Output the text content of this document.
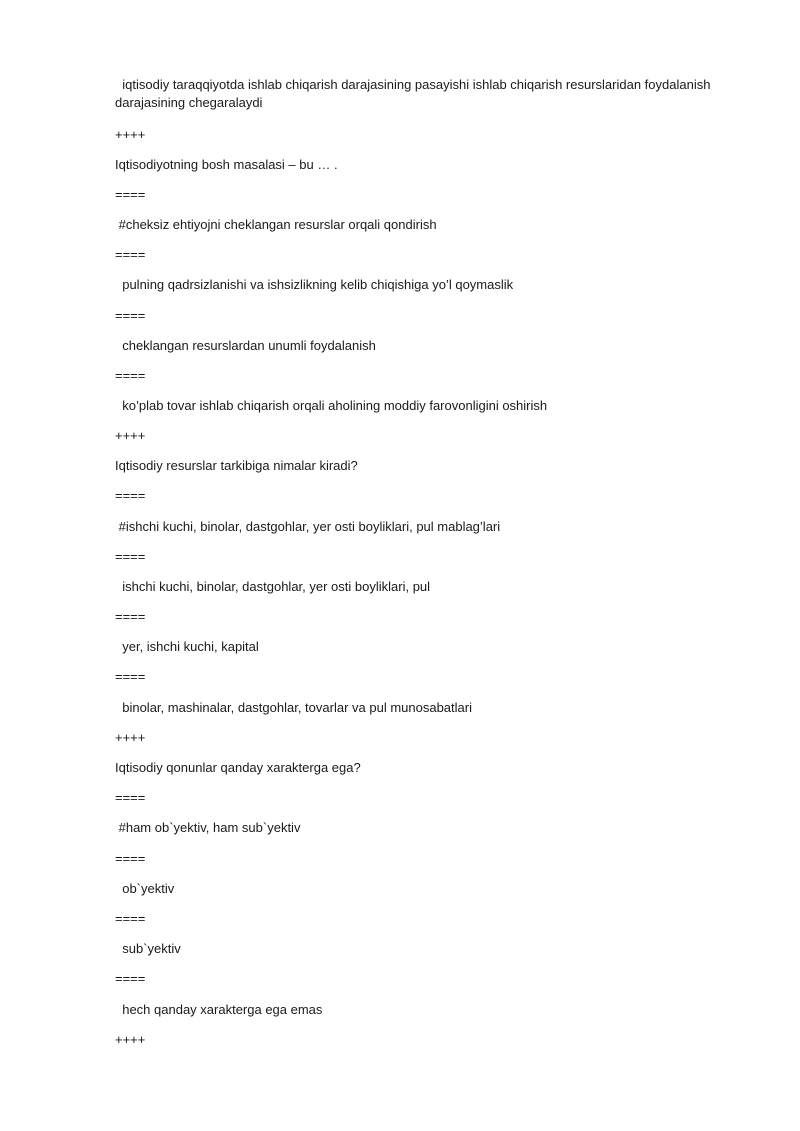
iqtisodiy taraqqiyotda ishlab chiqarish darajasining pasayishi ishlab chiqarish resurslaridan foydalanish darajasining chegaralaydi
++++
Iqtisodiyotning bosh masalasi – bu … .
====
#cheksiz ehtiyojni cheklangan resurslar orqali qondirish
====
pulning qadrsizlanishi va ishsizlikning kelib chiqishiga yo’l qoymaslik
====
cheklangan resurslardan unumli foydalanish
====
ko’plab tovar ishlab chiqarish orqali aholining moddiy farovonligini oshirish
++++
Iqtisodiy resurslar tarkibiga nimalar kiradi?
====
#ishchi kuchi, binolar, dastgohlar, yer osti boyliklari, pul mablag’lari
====
ishchi kuchi, binolar, dastgohlar, yer osti boyliklari, pul
====
yer, ishchi kuchi, kapital
====
binolar, mashinalar, dastgohlar, tovarlar va pul munosabatlari
++++
Iqtisodiy qonunlar qanday xarakterga ega?
====
#ham ob`yektiv, ham sub`yektiv
====
ob`yektiv
====
sub`yektiv
====
hech qanday xarakterga ega emas
++++
